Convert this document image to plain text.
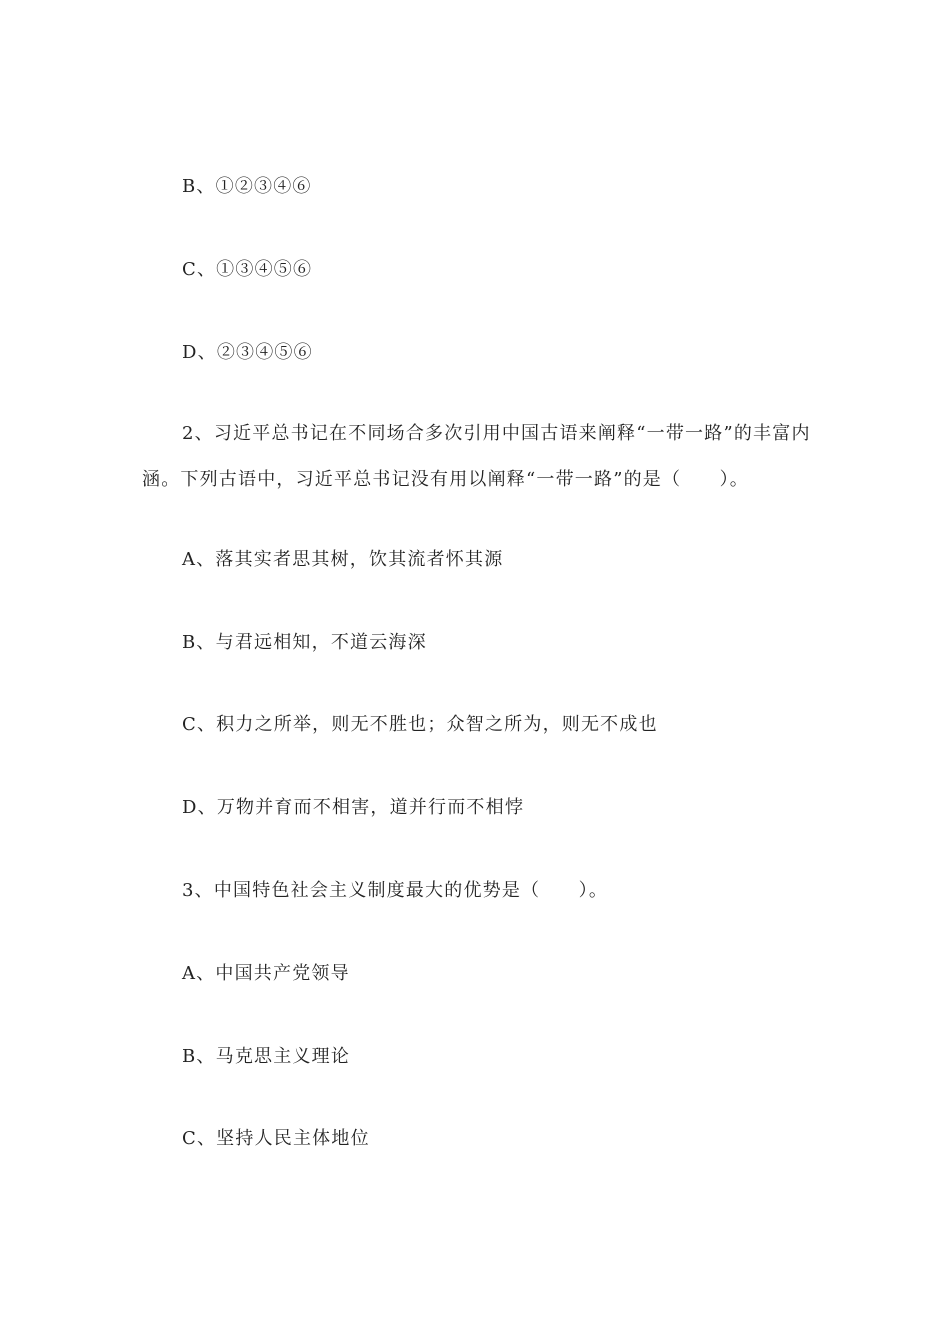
B、①②③④⑥
C、①③④⑤⑥
D、②③④⑤⑥
2、习近平总书记在不同场合多次引用中国古语来阐释“一带一路”的丰富内涵。下列古语中，习近平总书记没有用以阐释“一带一路”的是（　　）。
A、落其实者思其树，饮其流者怀其源
B、与君远相知，不道云海深
C、积力之所举，则无不胜也；众智之所为，则无不成也
D、万物并育而不相害，道并行而不相悖
3、中国特色社会主义制度最大的优势是（　　）。
A、中国共产党领导
B、马克思主义理论
C、坚持人民主体地位
